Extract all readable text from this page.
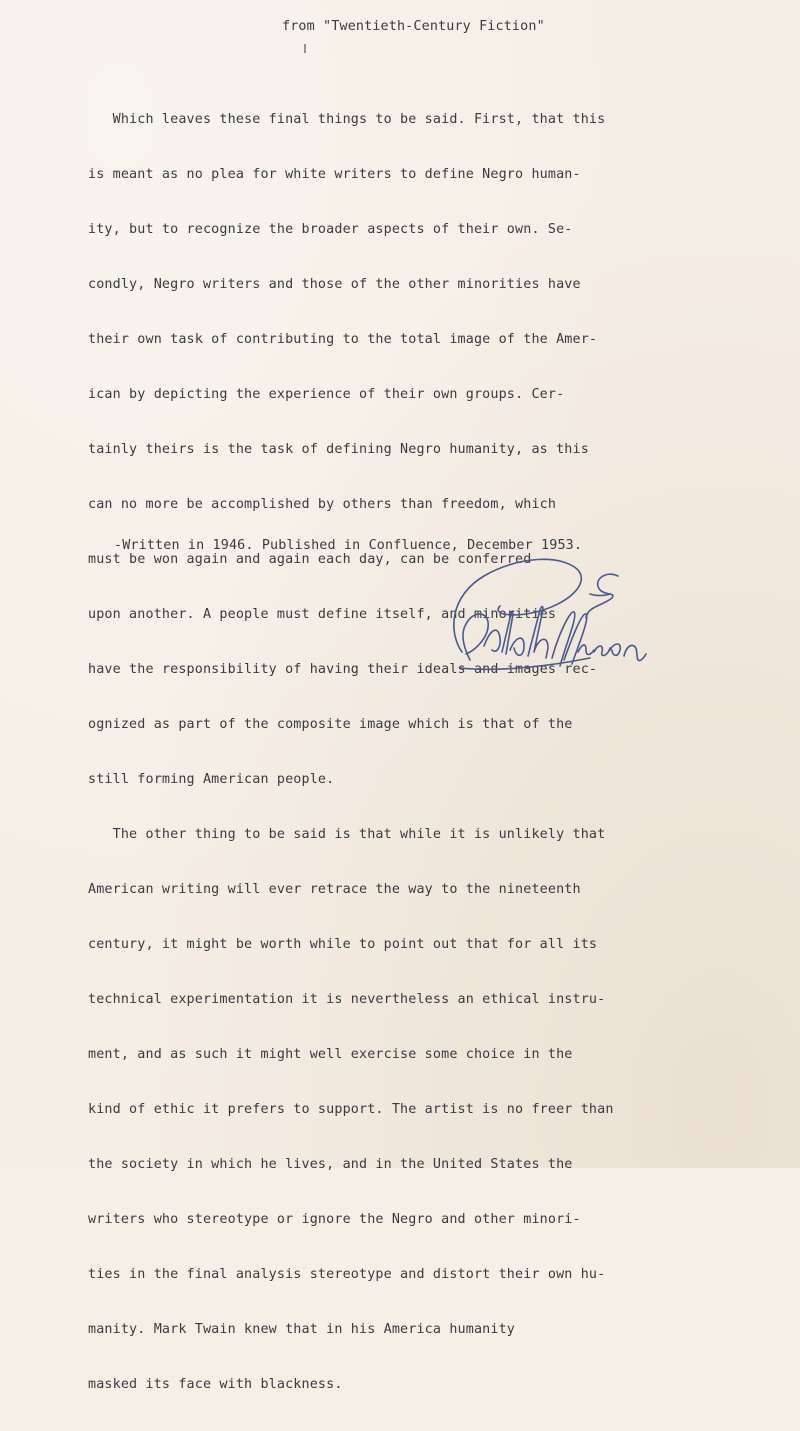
from "Twentieth-Century Fiction"

Which leaves these final things to be said. First, that this

is meant as no plea for white writers to define Negro human-

ity, but to recognize the broader aspects of their own. Se-

condly, Negro writers and those of the other minorities have

their own task of contributing to the total image of the Amer-

ican by depicting the experience of their own groups. Cer-

tainly theirs is the task of defining Negro humanity, as this

can no more be accomplished by others than freedom, which

must be won again and again each day, can be conferred

upon another. A people must define itself, and minorities

have the responsibility of having their ideals and images rec-

ognized as part of the composite image which is that of the

still forming American people.

The other thing to be said is that while it is unlikely that

American writing will ever retrace the way to the nineteenth

century, it might be worth while to point out that for all its

technical experimentation it is nevertheless an ethical instru-

ment, and as such it might well exercise some choice in the

kind of ethic it prefers to support. The artist is no freer than

the society in which he lives, and in the United States the

writers who stereotype or ignore the Negro and other minori-

ties in the final analysis stereotype and distort their own hu-

manity. Mark Twain knew that in his America humanity

masked its face with blackness.

-Written in 1946. Published in Confluence, December 1953.
